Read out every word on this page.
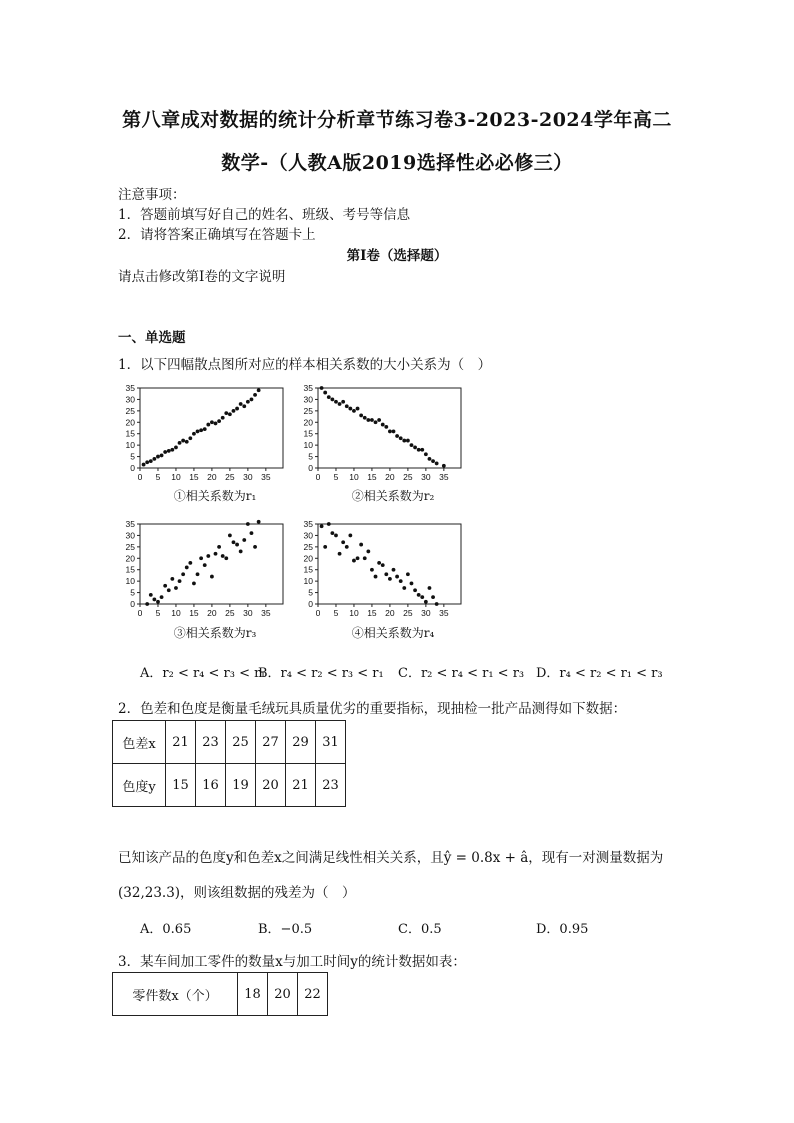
第八章成对数据的统计分析章节练习卷3-2023-2024学年高二
数学-（人教A版2019选择性必必修三）
注意事项：
1．答题前填写好自己的姓名、班级、考号等信息
2．请将答案正确填写在答题卡上
第I卷（选择题）
请点击修改第I卷的文字说明
一、单选题
1．以下四幅散点图所对应的样本相关系数的大小关系为（　）
0
5
10
15
20
25
30
35
0 5 10 15 20 25 30 35
0
5
10
15
20
25
30
35
0 5 10 15 20 25 30 35
0
5
10
15
20
25
30
35
0 5 10 15 20 25 30 35
0
5
10
15
20
25
30
35
0 5 10 15 20 25 30 35
①相关系数为r₁	②相关系数为r₂
③相关系数为r₃	④相关系数为r₄
A．r₂ < r₄ < r₃ < r₁
B．r₄ < r₂ < r₃ < r₁ C．r₂ < r₄ < r₁ < r₃ D．r₄ < r₂ < r₁ < r₃
2．色差和色度是衡量毛绒玩具质量优劣的重要指标，现抽检一批产品测得如下数据：
色差x	21	23	25	27	29	31
色度y	15	16	19	20	21	23
已知该产品的色度y和色差x之间满足线性相关关系，且ŷ = 0.8x + â，现有一对测量数据为
(32,23.3)，则该组数据的残差为（　）
A．0.65	B．−0.5	C．0.5	D．0.95
3．某车间加工零件的数量x与加工时间y的统计数据如表：
零件数x（个）	18	20	22
